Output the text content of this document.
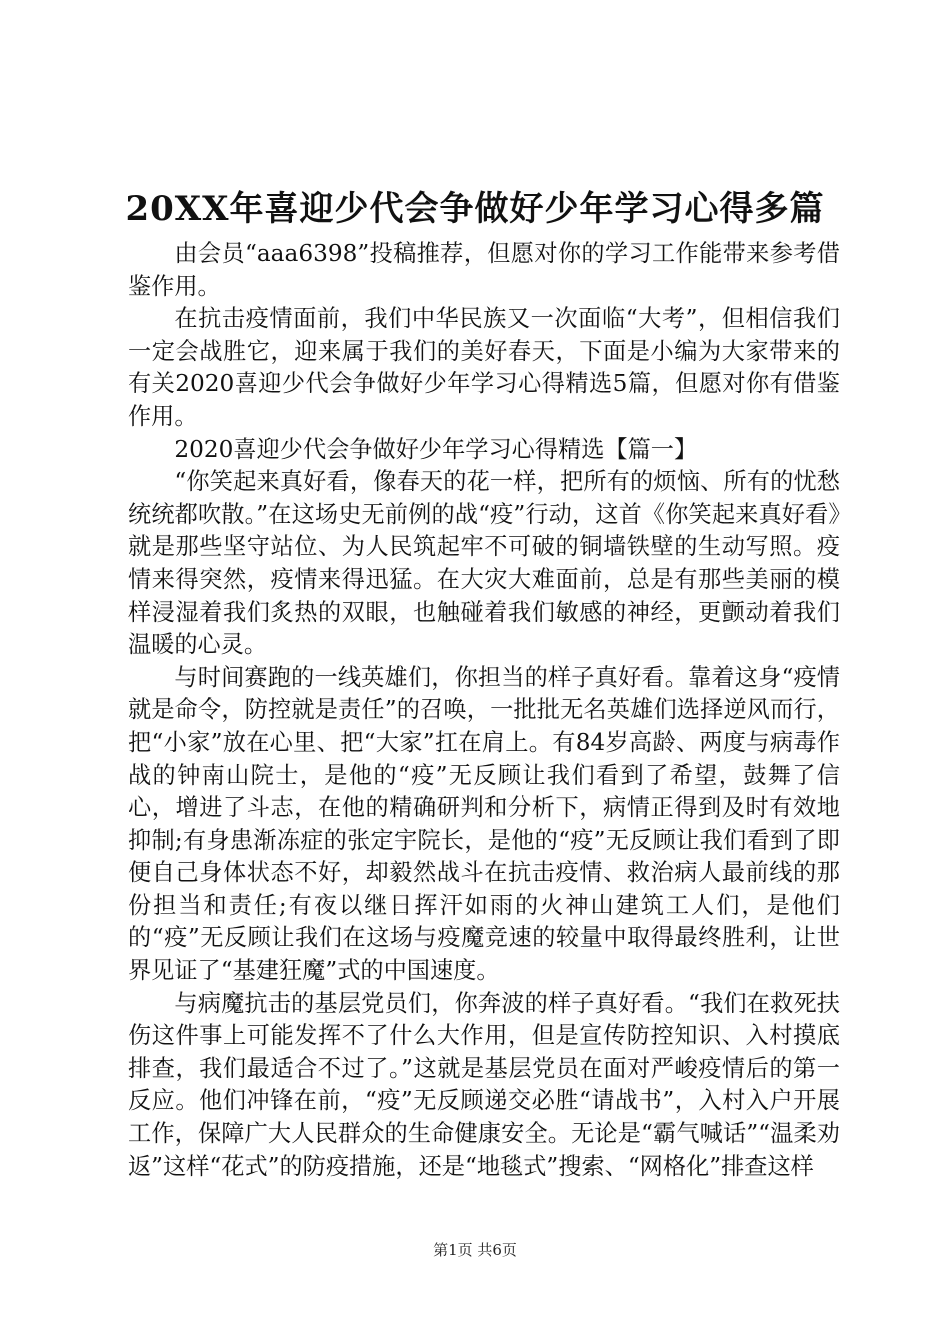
20XX年喜迎少代会争做好少年学习心得多篇

由会员“aaa6398”投稿推荐，但愿对你的学习工作能带来参考借鉴作用。

在抗击疫情面前，我们中华民族又一次面临“大考”，但相信我们一定会战胜它，迎来属于我们的美好春天，下面是小编为大家带来的有关2020喜迎少代会争做好少年学习心得精选5篇，但愿对你有借鉴作用。

2020喜迎少代会争做好少年学习心得精选【篇一】

“你笑起来真好看，像春天的花一样，把所有的烦恼、所有的忧愁统统都吹散。”在这场史无前例的战“疫”行动，这首《你笑起来真好看》就是那些坚守站位、为人民筑起牢不可破的铜墙铁壁的生动写照。疫情来得突然，疫情来得迅猛。在大灾大难面前，总是有那些美丽的模样浸湿着我们炙热的双眼，也触碰着我们敏感的神经，更颤动着我们温暖的心灵。

与时间赛跑的一线英雄们，你担当的样子真好看。靠着这身“疫情就是命令，防控就是责任”的召唤，一批批无名英雄们选择逆风而行，把“小家”放在心里、把“大家”扛在肩上。有84岁高龄、两度与病毒作战的钟南山院士，是他的“疫”无反顾让我们看到了希望，鼓舞了信心，增进了斗志，在他的精确研判和分析下，病情正得到及时有效地抑制;有身患渐冻症的张定宇院长，是他的“疫”无反顾让我们看到了即便自己身体状态不好，却毅然战斗在抗击疫情、救治病人最前线的那份担当和责任;有夜以继日挥汗如雨的火神山建筑工人们，是他们的“疫”无反顾让我们在这场与疫魔竞速的较量中取得最终胜利，让世界见证了“基建狂魔”式的中国速度。

与病魔抗击的基层党员们，你奔波的样子真好看。“我们在救死扶伤这件事上可能发挥不了什么大作用，但是宣传防控知识、入村摸底排查，我们最适合不过了。”这就是基层党员在面对严峻疫情后的第一反应。他们冲锋在前，“疫”无反顾递交必胜“请战书”，入村入户开展工作，保障广大人民群众的生命健康安全。无论是“霸气喊话”“温柔劝返”这样“花式”的防疫措施，还是“地毯式”搜索、“网格化”排查这样

第1页 共6页
